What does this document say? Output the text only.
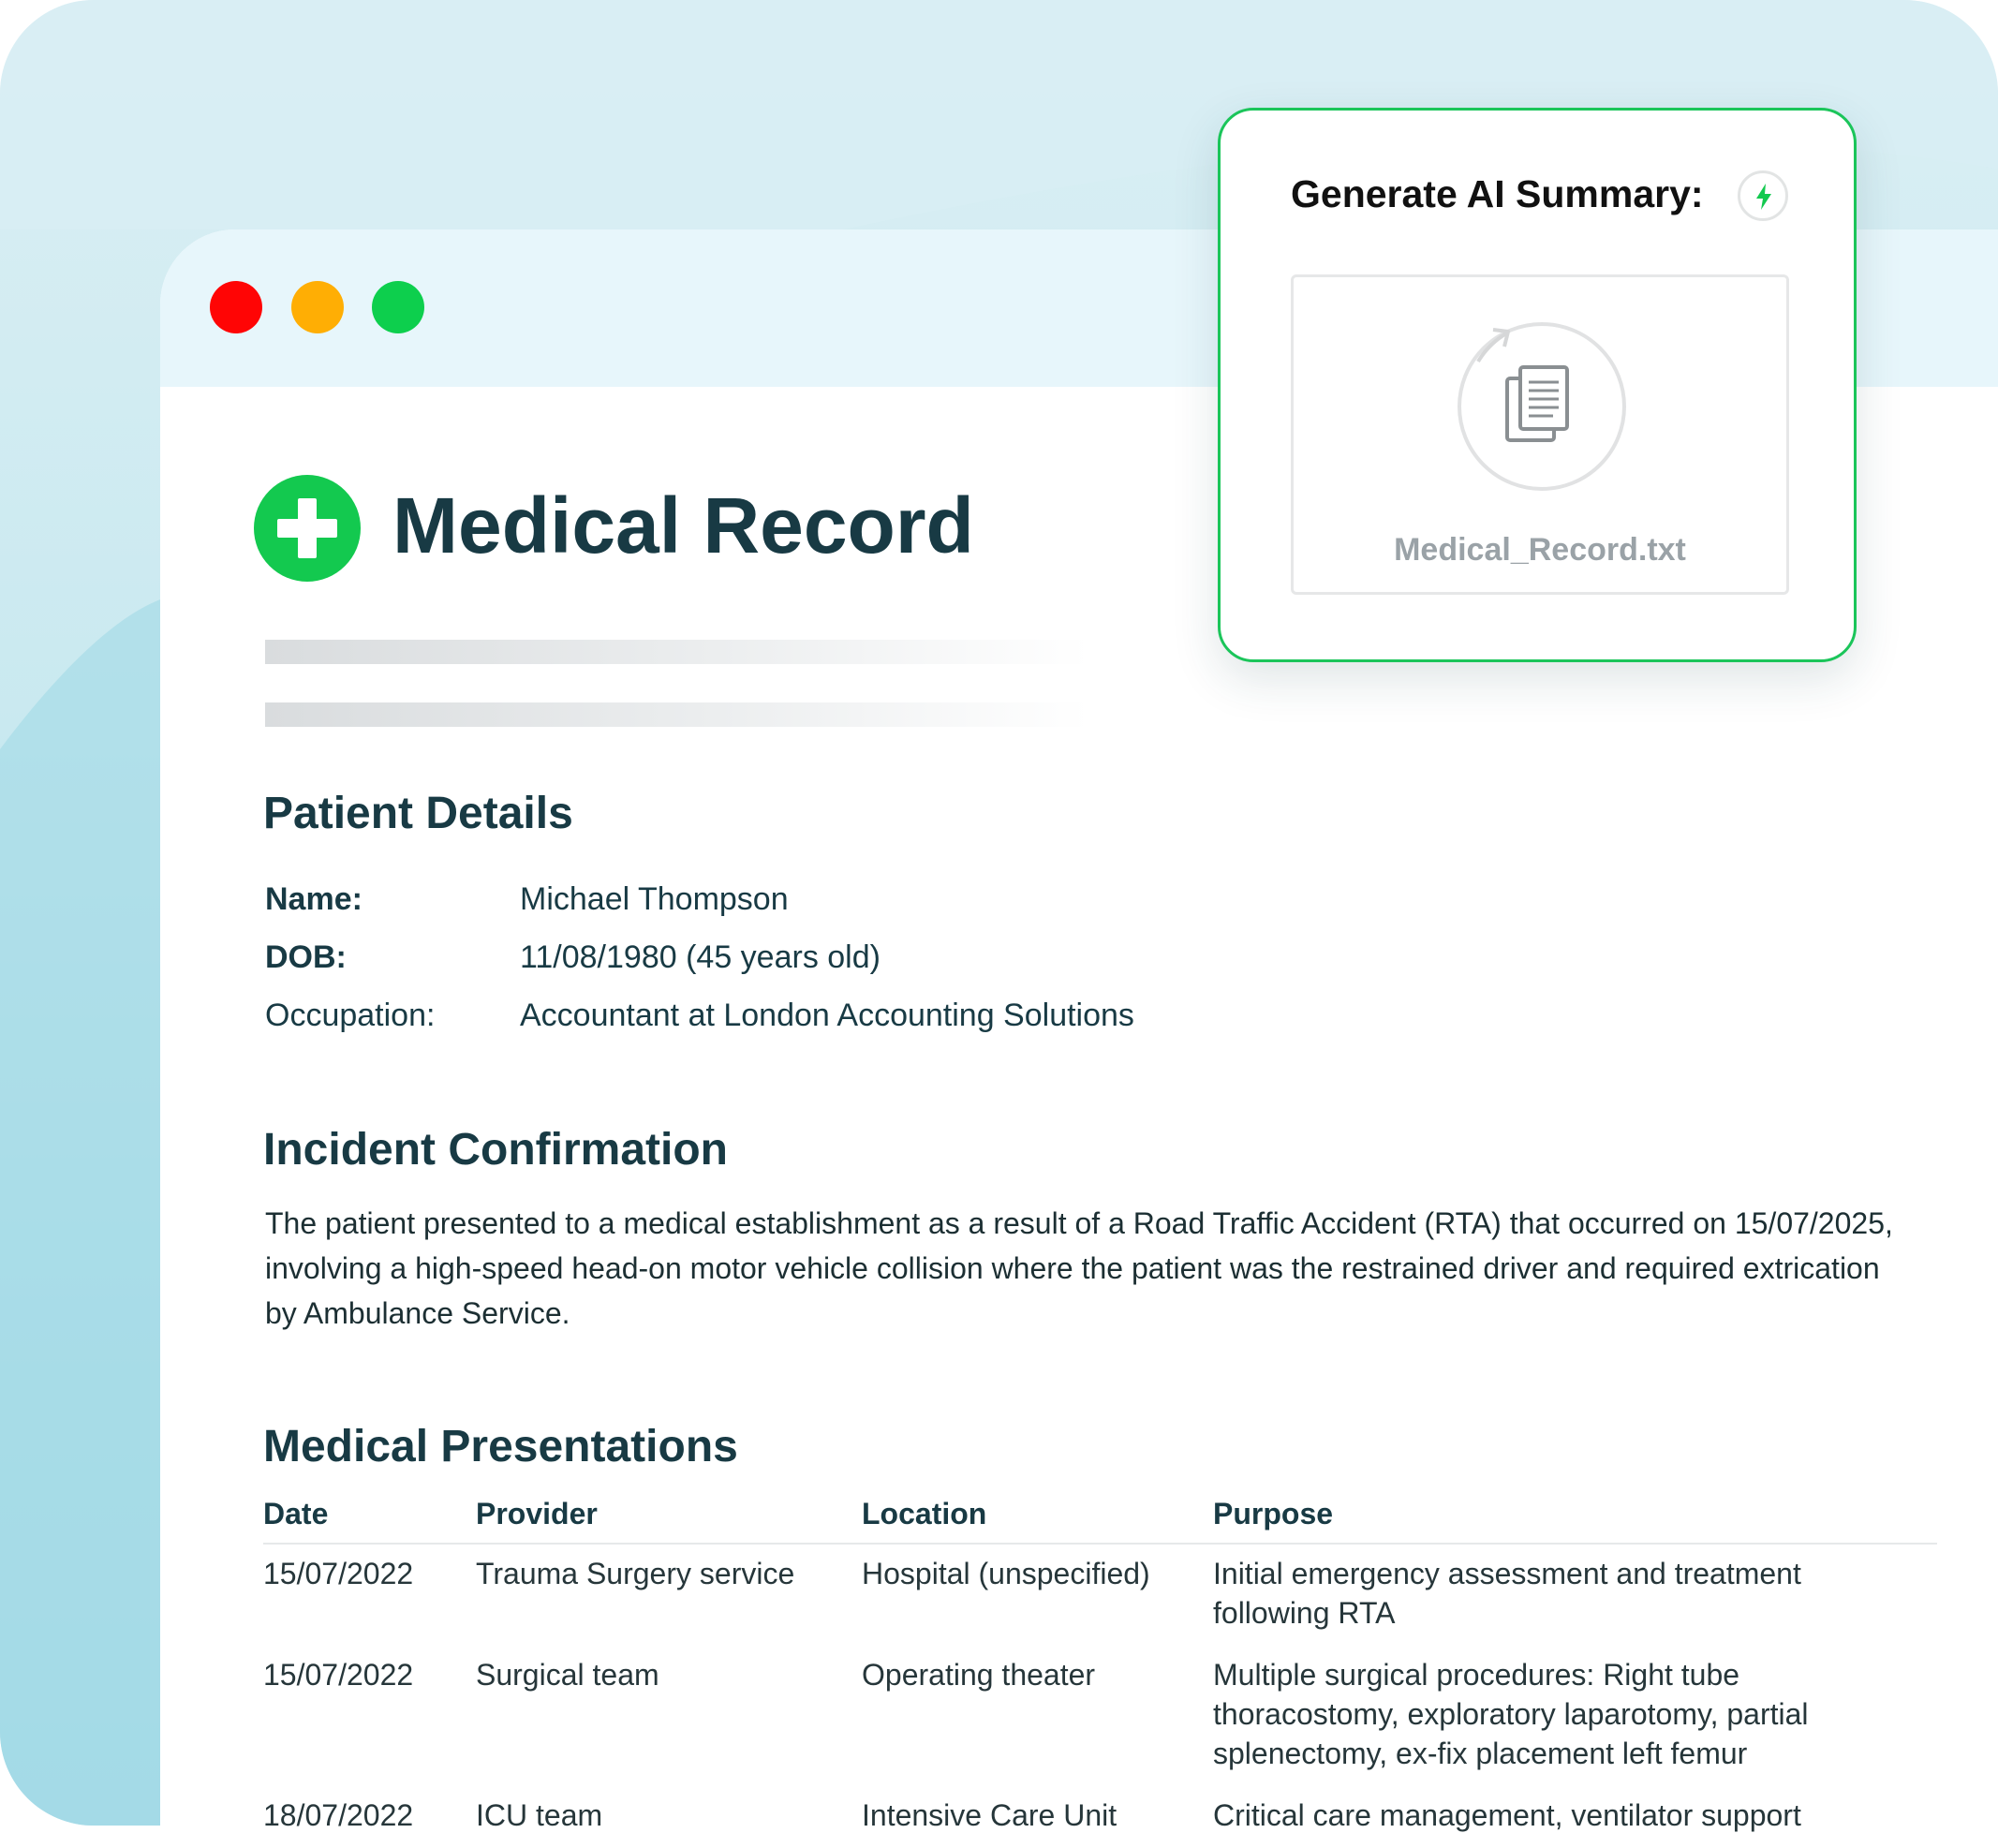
Medical Record
Patient Details
Name:	Michael Thompson
DOB:	11/08/1980 (45 years old)
Occupation:	Accountant at London Accounting Solutions
Incident Confirmation

The patient presented to a medical establishment as a result of a Road Traffic Accident (RTA) that occurred on 15/07/2025, involving a high-speed head-on motor vehicle collision where the patient was the restrained driver and required extrication by Ambulance Service.

Medical Presentations
Date	Provider	Location	Purpose
15/07/2022	Trauma Surgery service	Hospital (unspecified)	Initial emergency assessment and treatment following RTA
15/07/2022	Surgical team	Operating theater	Multiple surgical procedures: Right tube thoracostomy, exploratory laparotomy, partial splenectomy, ex-fix placement left femur
18/07/2022	ICU team	Intensive Care Unit	Critical care management, ventilator support
Generate AI Summary:
Medical_Record.txt
